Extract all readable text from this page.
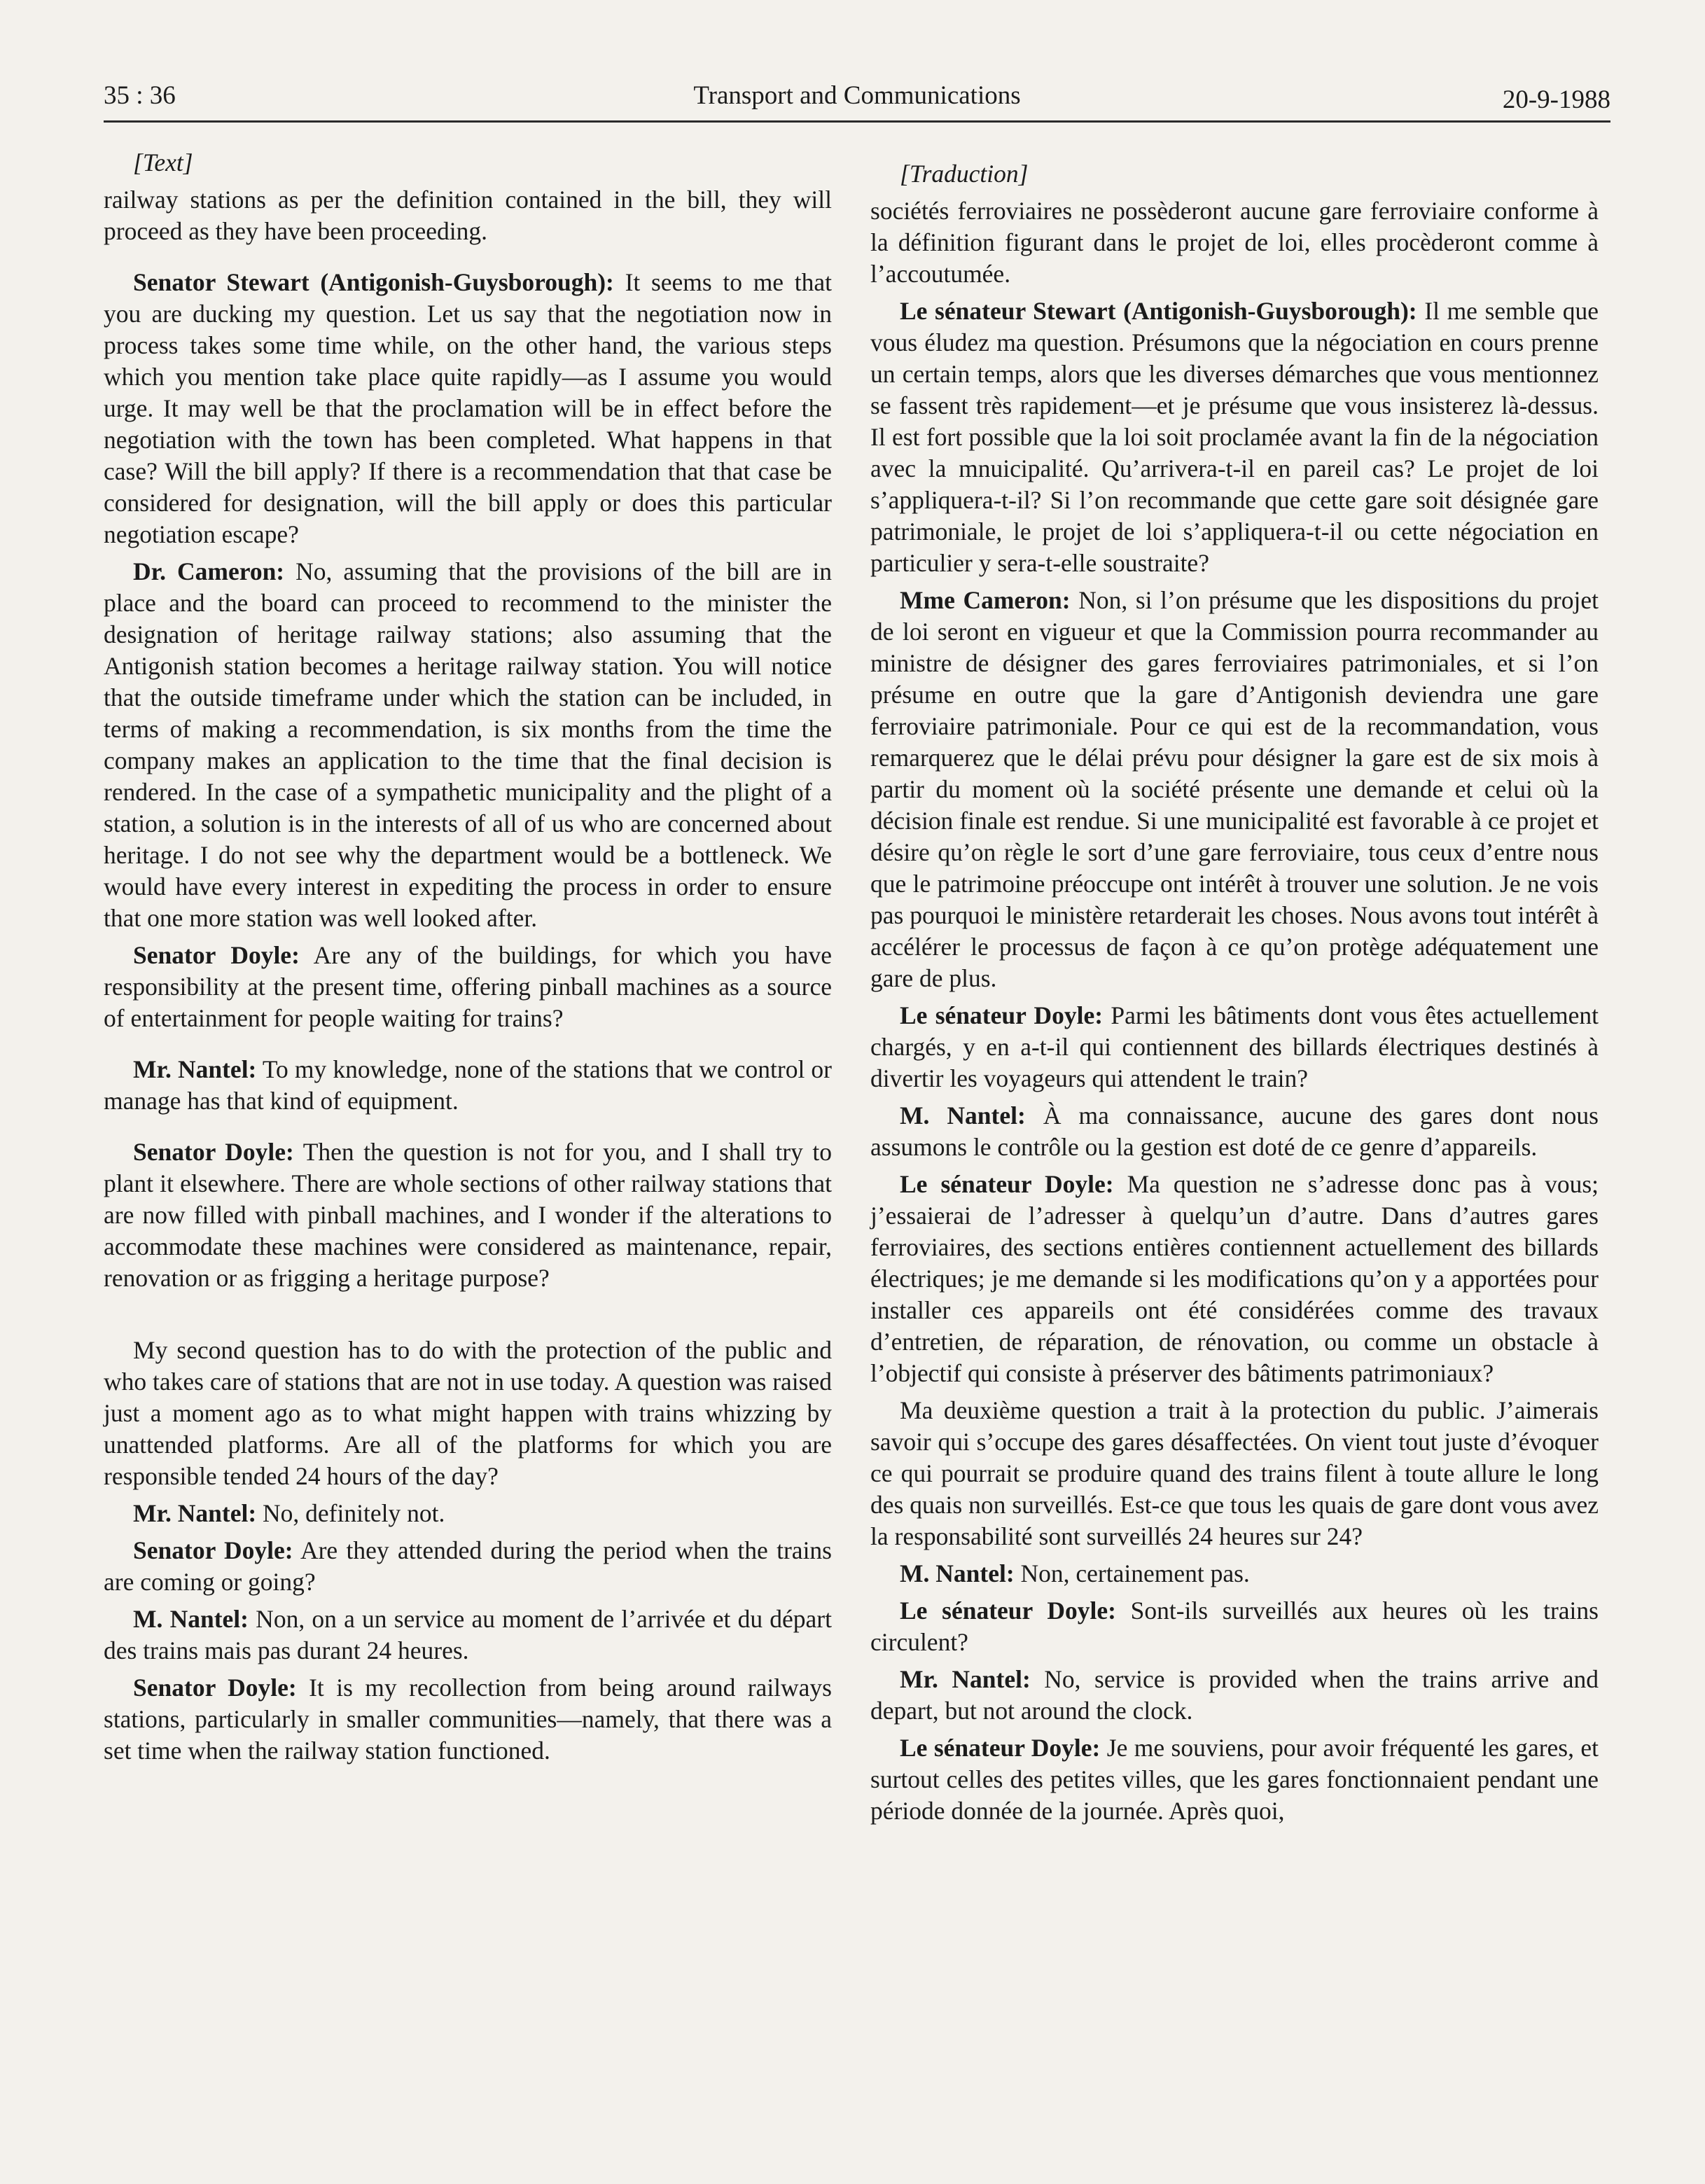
35 : 36	Transport and Communications	20-9-1988

[Text]

railway stations as per the definition contained in the bill, they will proceed as they have been proceeding.

Senator Stewart (Antigonish-Guysborough): It seems to me that you are ducking my question. Let us say that the negotiation now in process takes some time while, on the other hand, the various steps which you mention take place quite rapidly—as I assume you would urge. It may well be that the proclamation will be in effect before the negotiation with the town has been completed. What happens in that case? Will the bill apply? If there is a recommendation that that case be considered for designation, will the bill apply or does this particular negotiation escape?

Dr. Cameron: No, assuming that the provisions of the bill are in place and the board can proceed to recommend to the minister the designation of heritage railway stations; also assuming that the Antigonish station becomes a heritage railway station. You will notice that the outside timeframe under which the station can be included, in terms of making a recommendation, is six months from the time the company makes an application to the time that the final decision is rendered. In the case of a sympathetic municipality and the plight of a station, a solution is in the interests of all of us who are concerned about heritage. I do not see why the department would be a bottleneck. We would have every interest in expediting the process in order to ensure that one more station was well looked after.

Senator Doyle: Are any of the buildings, for which you have responsibility at the present time, offering pinball machines as a source of entertainment for people waiting for trains?

Mr. Nantel: To my knowledge, none of the stations that we control or manage has that kind of equipment.

Senator Doyle: Then the question is not for you, and I shall try to plant it elsewhere. There are whole sections of other railway stations that are now filled with pinball machines, and I wonder if the alterations to accommodate these machines were considered as maintenance, repair, renovation or as frigging a heritage purpose?

My second question has to do with the protection of the public and who takes care of stations that are not in use today. A question was raised just a moment ago as to what might happen with trains whizzing by unattended platforms. Are all of the platforms for which you are responsible tended 24 hours of the day?

Mr. Nantel: No, definitely not.

Senator Doyle: Are they attended during the period when the trains are coming or going?

M. Nantel: Non, on a un service au moment de l’arrivée et du départ des trains mais pas durant 24 heures.

Senator Doyle: It is my recollection from being around railways stations, particularly in smaller communities—namely, that there was a set time when the railway station functioned.

[Traduction]

sociétés ferroviaires ne possèderont aucune gare ferroviaire conforme à la définition figurant dans le projet de loi, elles procèderont comme à l’accoutumée.

Le sénateur Stewart (Antigonish-Guysborough): Il me semble que vous éludez ma question. Présumons que la négociation en cours prenne un certain temps, alors que les diverses démarches que vous mentionnez se fassent très rapidement—et je présume que vous insisterez là-dessus. Il est fort possible que la loi soit proclamée avant la fin de la négociation avec la mnuicipalité. Qu’arrivera-t-il en pareil cas? Le projet de loi s’appliquera-t-il? Si l’on recommande que cette gare soit désignée gare patrimoniale, le projet de loi s’appliquera-t-il ou cette négociation en particulier y sera-t-elle soustraite?

Mme Cameron: Non, si l’on présume que les dispositions du projet de loi seront en vigueur et que la Commission pourra recommander au ministre de désigner des gares ferroviaires patrimoniales, et si l’on présume en outre que la gare d’Antigonish deviendra une gare ferroviaire patrimoniale. Pour ce qui est de la recommandation, vous remarquerez que le délai prévu pour désigner la gare est de six mois à partir du moment où la société présente une demande et celui où la décision finale est rendue. Si une municipalité est favorable à ce projet et désire qu’on règle le sort d’une gare ferroviaire, tous ceux d’entre nous que le patrimoine préoccupe ont intérêt à trouver une solution. Je ne vois pas pourquoi le ministère retarderait les choses. Nous avons tout intérêt à accélérer le processus de façon à ce qu’on protège adéquatement une gare de plus.

Le sénateur Doyle: Parmi les bâtiments dont vous êtes actuellement chargés, y en a-t-il qui contiennent des billards électriques destinés à divertir les voyageurs qui attendent le train?

M. Nantel: À ma connaissance, aucune des gares dont nous assumons le contrôle ou la gestion est doté de ce genre d’appareils.

Le sénateur Doyle: Ma question ne s’adresse donc pas à vous; j’essaierai de l’adresser à quelqu’un d’autre. Dans d’autres gares ferroviaires, des sections entières contiennent actuellement des billards électriques; je me demande si les modifications qu’on y a apportées pour installer ces appareils ont été considérées comme des travaux d’entretien, de réparation, de rénovation, ou comme un obstacle à l’objectif qui consiste à préserver des bâtiments patrimoniaux?

Ma deuxième question a trait à la protection du public. J’aimerais savoir qui s’occupe des gares désaffectées. On vient tout juste d’évoquer ce qui pourrait se produire quand des trains filent à toute allure le long des quais non surveillés. Est-ce que tous les quais de gare dont vous avez la responsabilité sont surveillés 24 heures sur 24?

M. Nantel: Non, certainement pas.

Le sénateur Doyle: Sont-ils surveillés aux heures où les trains circulent?

Mr. Nantel: No, service is provided when the trains arrive and depart, but not around the clock.

Le sénateur Doyle: Je me souviens, pour avoir fréquenté les gares, et surtout celles des petites villes, que les gares fonctionnaient pendant une période donnée de la journée. Après quoi,
